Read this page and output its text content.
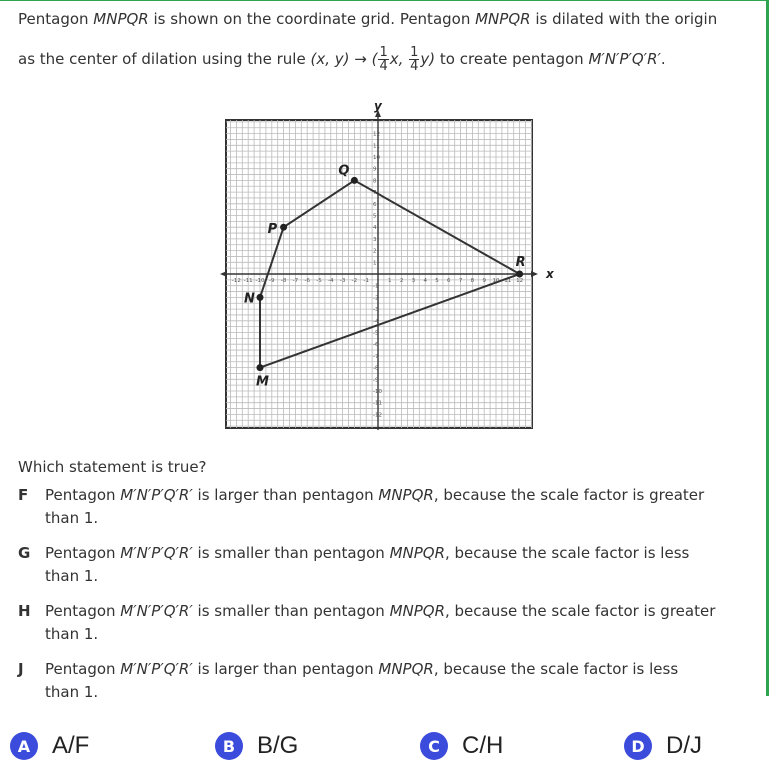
Pentagon MNPQR is shown on the coordinate grid. Pentagon MNPQR is dilated with the origin
as the center of dilation using the rule (x, y) → ( $\frac{1}{4} x$, $\frac{1}{4} y$) to create pentagon M′N′P′Q′R′.
x
y
-12 -11 -10 -9 -8 -7 -6 -5 -4 -3 -2 -1	1 2 3 4 5 6 7 8 9 10 11 12
12
11
10
9
8
7
6
5
4
3
2
1
-1
-2
-3
-4
-5
-6
-7
-8
-9
-10
-11
-12
M
N
P
Q
R
Which statement is true?
F Pentagon M′N′P′Q′R′ is larger than pentagon MNPQR, because the scale factor is greater
than 1.
G Pentagon M′N′P′Q′R′ is smaller than pentagon MNPQR, because the scale factor is less
than 1.
H Pentagon M′N′P′Q′R′ is smaller than pentagon MNPQR, because the scale factor is greater
than 1.
J Pentagon M′N′P′Q′R′ is larger than pentagon MNPQR, because the scale factor is less
than 1.
A A/F	B B/G	C C/H	D D/J
